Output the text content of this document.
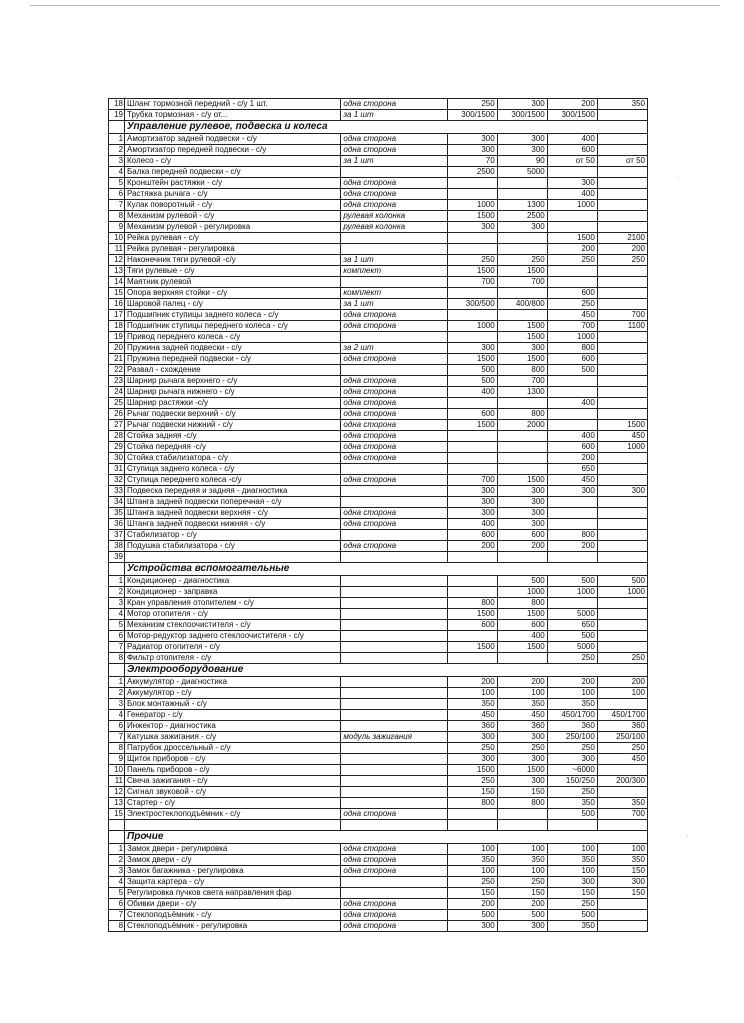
18	Шланг тормозной передний - с/у 1 шт.	одна сторона	250	300	200	350
19	Трубка тормозная - с/у от...	за 1 шт	300/1500	300/1500	300/1500	
	Управление рулевое, подвеска и колеса					
1	Амортизатор задней подвески - с/у	одна сторона	300	300	400	
2	Амортизатор передней подвески - с/у	одна сторона	300	300	600	
3	Колесо - с/у	за 1 шт	70	90	от 50	от 50
4	Балка передней подвески - с/у		2500	5000		
5	Кронштейн растяжки - с/у	одна сторона			300	
6	Растяжка рычага - с/у	одна сторона			400	
7	Кулак поворотный - с/у	одна сторона	1000	1300	1000	
8	Механизм рулевой - с/у	рулевая колонка	1500	2500		
9	Механизм рулевой - регулировка	рулевая колонка	300	300		
10	Рейка рулевая - с/у				1500	2100
11	Рейка рулевая - регулировка				200	200
12	Наконечник тяги рулевой -с/у	за 1 шт	250	250	250	250
13	Тяги рулевые - с/у	комплект	1500	1500		
14	Маятник рулевой		700	700		
15	Опора верхняя стойки - с/у	комплект			600	
16	Шаровой палец - с/у	за 1 шт	300/500	400/800	250	
17	Подшипник ступицы заднего колеса - с/у	одна сторона			450	700
18	Подшипник ступицы переднего колеса - с/у	одна сторона	1000	1500	700	1100
19	Привод переднего колеса - с/у			1500	1000	
20	Пружина задней подвески - с/у	за 2 шт	300	300	800	
21	Пружина передней подвески - с/у	одна сторона	1500	1500	600	
22	Развал - схождение		500	800	500	
23	Шарнир рычага верхнего - с/у	одна сторона	500	700		
24	Шарнир рычага нижнего - с/у	одна сторона	400	1300		
25	Шарнир растяжки -с/у	одна сторона			400	
26	Рычаг подвески верхний - с/у	одна сторона	600	800		
27	Рычаг подвески нижний - с/у	одна сторона	1500	2000		1500
28	Стойка задняя -с/у	одна сторона			400	450
29	Стойка передняя -с/у	одна сторона			600	1000
30	Стойка стабилизатора - с/у	одна сторона			200	
31	Ступица заднего колеса - с/у				650	
32	Ступица переднего колеса -с/у	одна сторона	700	1500	450	
33	Подвеска передняя и задняя - диагностика		300	300	300	300
34	Штанга задней подвески поперечная - с/у		300	300		
35	Штанга задней подвески верхняя - с/у	одна сторона	300	300		
36	Штанга задней подвески нижняя - с/у	одна сторона	400	300		
37	Стабилизатор - с/у		600	600	800	
38	Подушка стабилизатора - с/у	одна сторона	200	200	200	
39						
	Устройства вспомогательные					
1	Кондиционер - диагностика			500	500	500
2	Кондиционер - заправка			1000	1000	1000
3	Кран управления отопителем - с/у		800	800		
4	Мотор отопителя - с/у		1500	1500	5000	
5	Механизм стеклоочистителя - с/у		600	600	650	
6	Мотор-редуктор заднего стеклоочистителя - с/у			400	500	
7	Радиатор отопителя - с/у		1500	1500	5000	
8	Фильтр отопителя - с/у				250	250
	Электрооборудование					
1	Аккумулятор - диагностика		200	200	200	200
2	Аккумулятор - с/у		100	100	100	100
3	Блок монтажный - с/у		350	350	350	
4	Генератор - с/у		450	450	450/1700	450/1700
6	Инжектор - диагностика		360	360	360	360
7	Катушка зажигания - с/у	модуль зажигания	300	300	250/100	250/100
8	Патрубок дроссельный - с/у		250	250	250	250
9	Щиток приборов - с/у		300	300	300	450
10	Панель приборов - с/у		1500	1500	~6000	
11	Свеча зажигания - с/у		250	300	150/250	200/300
12	Сигнал звуковой - с/у		150	150	250	
13	Стартер - с/у		800	800	350	350
15	Электростеклоподъёмник - с/у	одна сторона			500	700

	Прочие					
1	Замок двери - регулировка	одна сторона	100	100	100	100
2	Замок двери - с/у	одна сторона	350	350	350	350
3	Замок багажника - регулировка	одна сторона	100	100	100	150
4	Защита картера - с/у		250	250	300	300
5	Регулировка пучков света направления фар		150	150	150	150
6	Обивки двери - с/у	одна сторона	200	200	250	
7	Стеклоподъёмник - с/у	одна сторона	500	500	500	
8	Стеклоподъёмник - регулировка	одна сторона	300	300	350	
·
·
